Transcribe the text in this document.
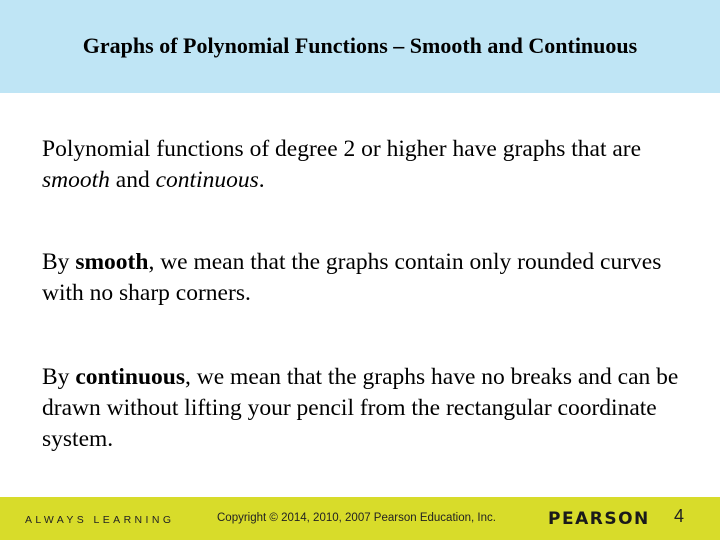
Graphs of Polynomial Functions – Smooth and Continuous
Polynomial functions of degree 2 or higher have graphs that are smooth and continuous.
By smooth, we mean that the graphs contain only rounded curves with no sharp corners.
By continuous, we mean that the graphs have no breaks and can be drawn without lifting your pencil from the rectangular coordinate system.
ALWAYS LEARNING	Copyright © 2014, 2010, 2007 Pearson Education, Inc.	PEARSON 4
